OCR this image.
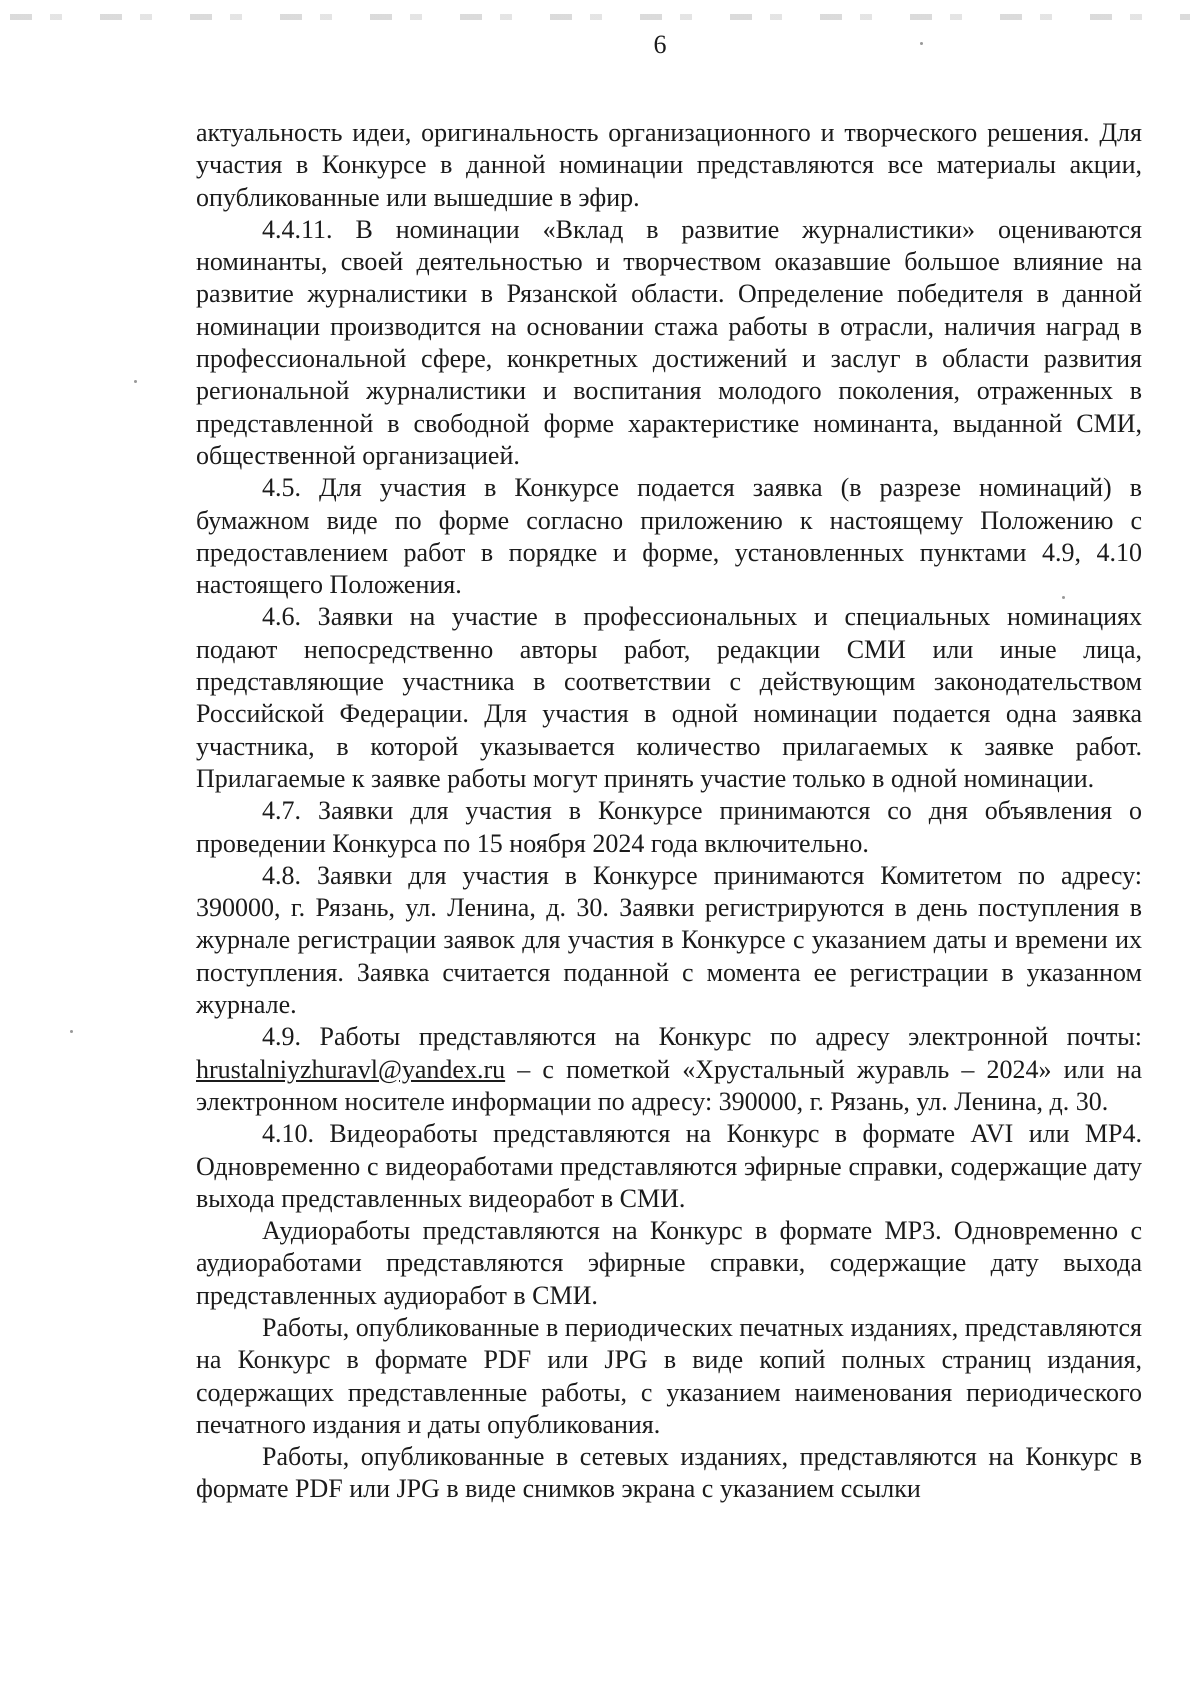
6

актуальность идеи, оригинальность организационного и творческого решения. Для участия в Конкурсе в данной номинации представляются все материалы акции, опубликованные или вышедшие в эфир.

4.4.11. В номинации «Вклад в развитие журналистики» оцениваются номинанты, своей деятельностью и творчеством оказавшие большое влияние на развитие журналистики в Рязанской области. Определение победителя в данной номинации производится на основании стажа работы в отрасли, наличия наград в профессиональной сфере, конкретных достижений и заслуг в области развития региональной журналистики и воспитания молодого поколения, отраженных в представленной в свободной форме характеристике номинанта, выданной СМИ, общественной организацией.

4.5. Для участия в Конкурсе подается заявка (в разрезе номинаций) в бумажном виде по форме согласно приложению к настоящему Положению с предоставлением работ в порядке и форме, установленных пунктами 4.9, 4.10 настоящего Положения.

4.6. Заявки на участие в профессиональных и специальных номинациях подают непосредственно авторы работ, редакции СМИ или иные лица, представляющие участника в соответствии с действующим законодательством Российской Федерации. Для участия в одной номинации подается одна заявка участника, в которой указывается количество прилагаемых к заявке работ. Прилагаемые к заявке работы могут принять участие только в одной номинации.

4.7. Заявки для участия в Конкурсе принимаются со дня объявления о проведении Конкурса по 15 ноября 2024 года включительно.

4.8. Заявки для участия в Конкурсе принимаются Комитетом по адресу: 390000, г. Рязань, ул. Ленина, д. 30. Заявки регистрируются в день поступления в журнале регистрации заявок для участия в Конкурсе с указанием даты и времени их поступления. Заявка считается поданной с момента ее регистрации в указанном журнале.

4.9. Работы представляются на Конкурс по адресу электронной почты: hrustalniyzhuravl@yandex.ru – с пометкой «Хрустальный журавль – 2024» или на электронном носителе информации по адресу: 390000, г. Рязань, ул. Ленина, д. 30.

4.10. Видеоработы представляются на Конкурс в формате AVI или MP4. Одновременно с видеоработами представляются эфирные справки, содержащие дату выхода представленных видеоработ в СМИ.

Аудиоработы представляются на Конкурс в формате MP3. Одновременно с аудиоработами представляются эфирные справки, содержащие дату выхода представленных аудиоработ в СМИ.

Работы, опубликованные в периодических печатных изданиях, представляются на Конкурс в формате PDF или JPG в виде копий полных страниц издания, содержащих представленные работы, с указанием наименования периодического печатного издания и даты опубликования.

Работы, опубликованные в сетевых изданиях, представляются на Конкурс в формате PDF или JPG в виде снимков экрана с указанием ссылки
